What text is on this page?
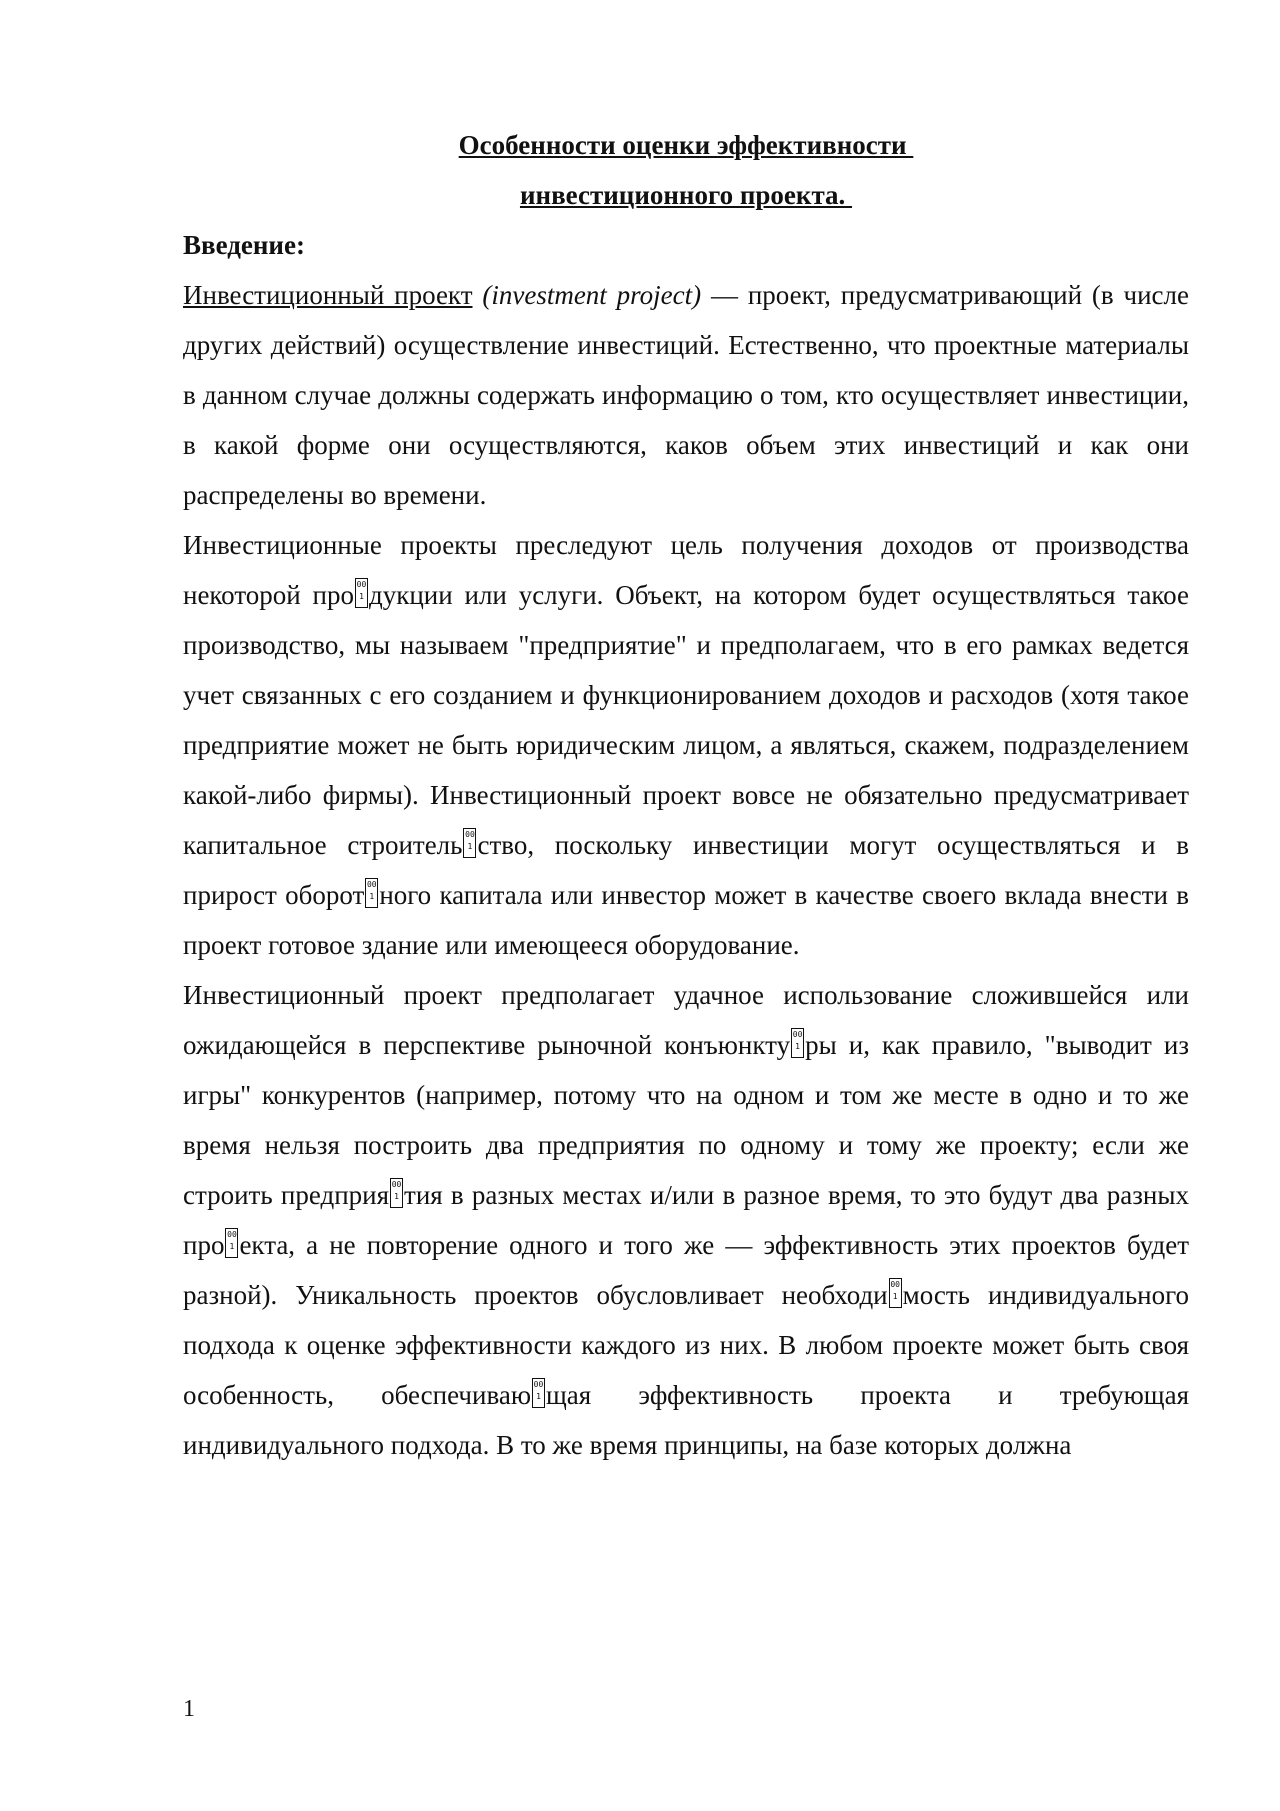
Особенности оценки эффективности

инвестиционного проекта.

Введение:

Инвестиционный проект (investment project) — проект, предусматривающий (в числе других действий) осуществление инвестиций. Естественно, что проектные материалы в данном случае должны содержать информацию о том, кто осуществляет инвестиции, в какой форме они осуществляются, каков объем этих инвестиций и как они распределены во времени.

Инвестиционные проекты преследуют цель получения доходов от производства некоторой про 00 1 дукции или услуги. Объект, на котором будет осуществляться такое производство, мы называем "предприятие" и предполагаем, что в его рамках ведется учет связанных с его созданием и функционированием доходов и расходов (хотя такое предприятие может не быть юридическим лицом, а являться, скажем, подразделением какой-либо фирмы). Инвестиционный проект вовсе не обязательно предусматривает капитальное строитель 00 1 ство, поскольку инвестиции могут осуществляться и в прирост оборот 00 1 ного капитала или инвестор может в качестве своего вклада внести в проект готовое здание или имеющееся оборудование.

Инвестиционный проект предполагает удачное использование сложившейся или ожидающейся в перспективе рыночной конъюнкту 00 1 ры и, как правило, "выводит из игры" конкурентов (например, потому что на одном и том же месте в одно и то же время нельзя построить два предприятия по одному и тому же проекту; если же строить предприя 00 1 тия в разных местах и/или в разное время, то это будут два разных про 00 1 екта, а не повторение одного и того же — эффективность этих проектов будет разной). Уникальность проектов обусловливает необходи 00 1 мость индивидуального подхода к оценке эффективности каждого из них. В любом проекте может быть своя особенность, обеспечиваю 00 1 щая эффективность проекта и требующая индивидуального подхода. В то же время принципы, на базе которых должна

1
